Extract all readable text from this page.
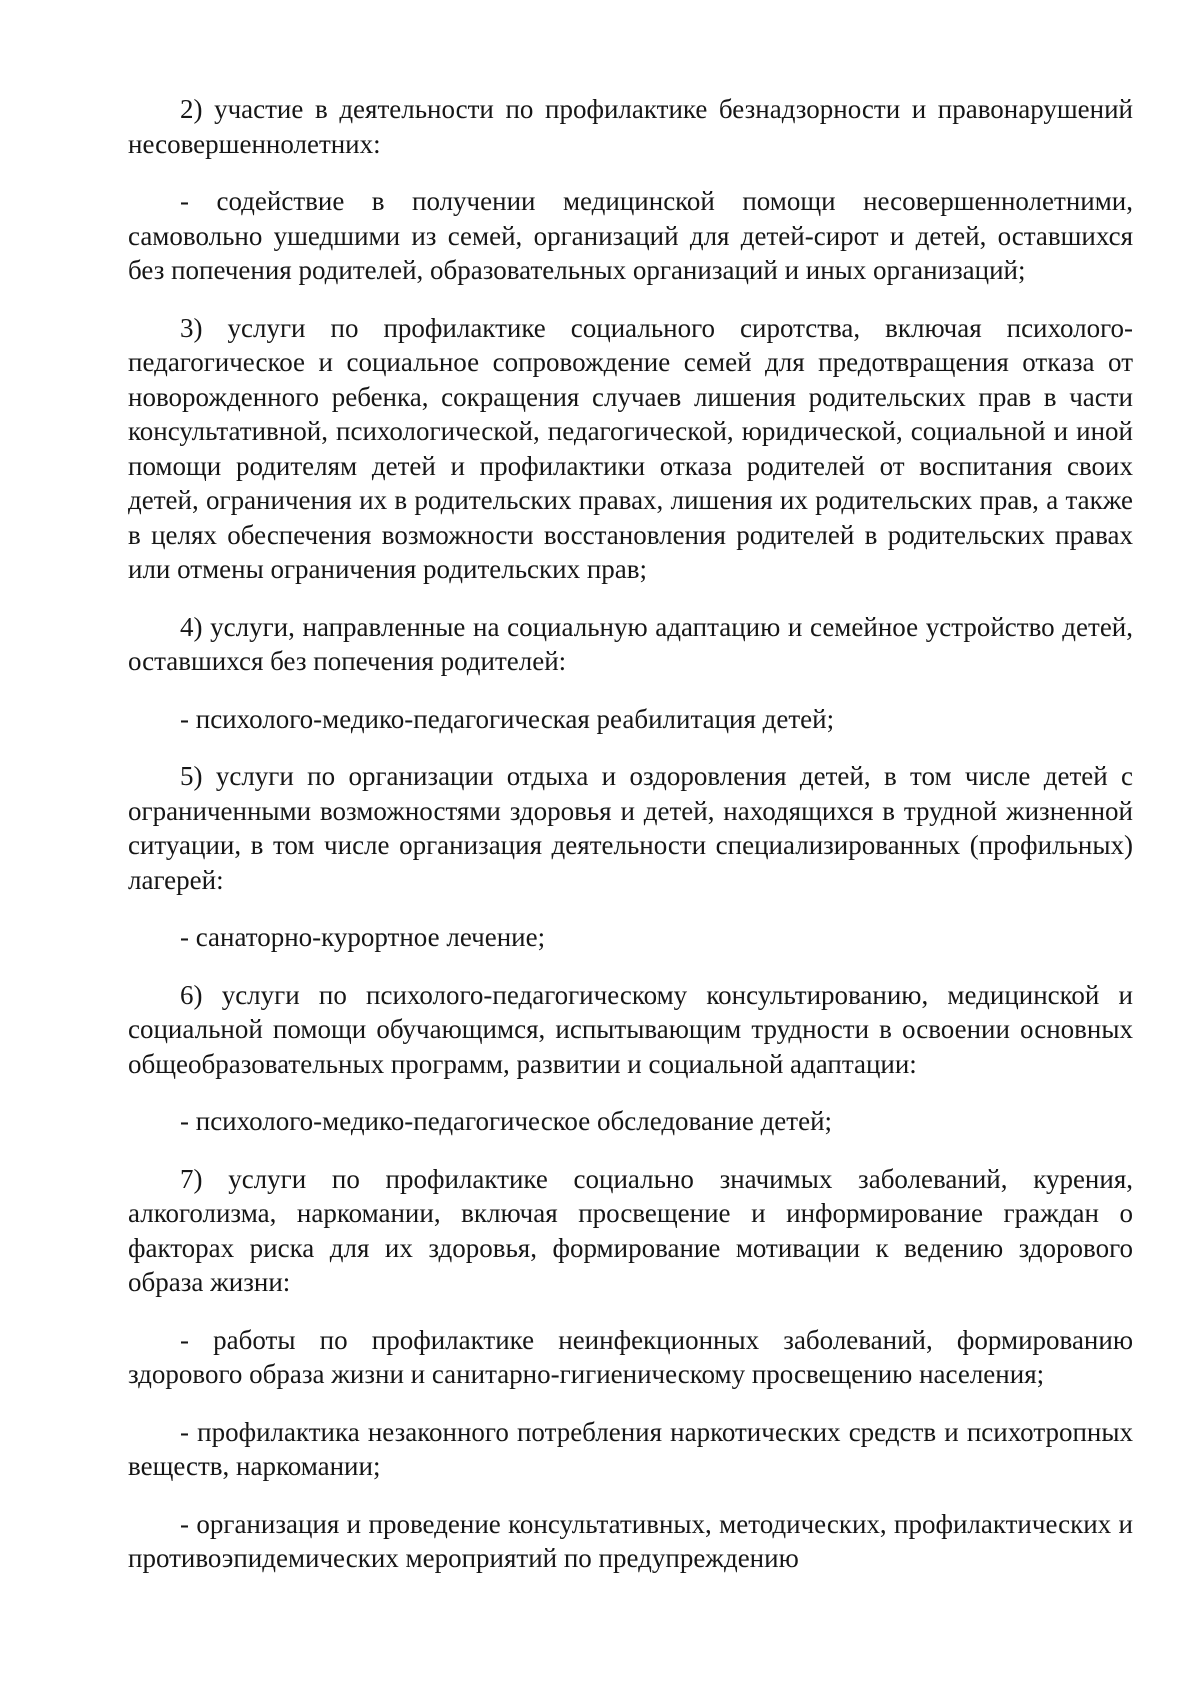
2) участие в деятельности по профилактике безнадзорности и правонарушений несовершеннолетних:

- содействие в получении медицинской помощи несовершеннолетними, самовольно ушедшими из семей, организаций для детей-сирот и детей, оставшихся без попечения родителей, образовательных организаций и иных организаций;

3) услуги по профилактике социального сиротства, включая психолого-педагогическое и социальное сопровождение семей для предотвращения отказа от новорожденного ребенка, сокращения случаев лишения родительских прав в части консультативной, психологической, педагогической, юридической, социальной и иной помощи родителям детей и профилактики отказа родителей от воспитания своих детей, ограничения их в родительских правах, лишения их родительских прав, а также в целях обеспечения возможности восстановления родителей в родительских правах или отмены ограничения родительских прав;

4) услуги, направленные на социальную адаптацию и семейное устройство детей, оставшихся без попечения родителей:

- психолого-медико-педагогическая реабилитация детей;

5) услуги по организации отдыха и оздоровления детей, в том числе детей с ограниченными возможностями здоровья и детей, находящихся в трудной жизненной ситуации, в том числе организация деятельности специализированных (профильных) лагерей:

- санаторно-курортное лечение;

6) услуги по психолого-педагогическому консультированию, медицинской и социальной помощи обучающимся, испытывающим трудности в освоении основных общеобразовательных программ, развитии и социальной адаптации:

- психолого-медико-педагогическое обследование детей;

7) услуги по профилактике социально значимых заболеваний, курения, алкоголизма, наркомании, включая просвещение и информирование граждан о факторах риска для их здоровья, формирование мотивации к ведению здорового образа жизни:

- работы по профилактике неинфекционных заболеваний, формированию здорового образа жизни и санитарно-гигиеническому просвещению населения;

- профилактика незаконного потребления наркотических средств и психотропных веществ, наркомании;

- организация и проведение консультативных, методических, профилактических и противоэпидемических мероприятий по предупреждению
